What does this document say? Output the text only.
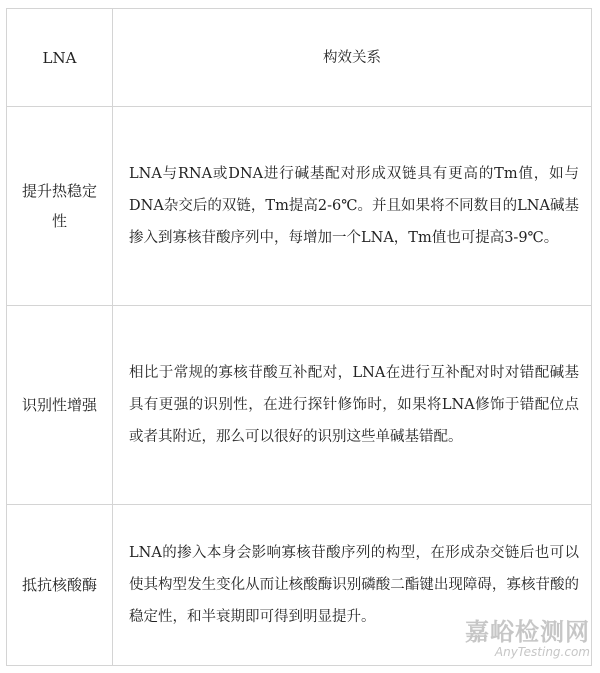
LNA	构效关系

提升热稳定性	LNA与RNA或DNA进行碱基配对形成双链具有更高的Tm值，如与 DNA杂交后的双链，Tm提高2-6℃。并且如果将不同数目的LNA碱基掺入到寡核苷酸序列中，每增加一个LNA，Tm值也可提高3-9℃。

识别性增强	相比于常规的寡核苷酸互补配对，LNA在进行互补配对时对错配碱基具有更强的识别性，在进行探针修饰时，如果将LNA修饰于错配位点或者其附近，那么可以很好的识别这些单碱基错配。

抵抗核酸酶	LNA的掺入本身会影响寡核苷酸序列的构型，在形成杂交链后也可以使其构型发生变化从而让核酸酶识别磷酸二酯键出现障碍，寡核苷酸的稳定性，和半衰期即可得到明显提升。
嘉峪检测网
AnyTesting.com
